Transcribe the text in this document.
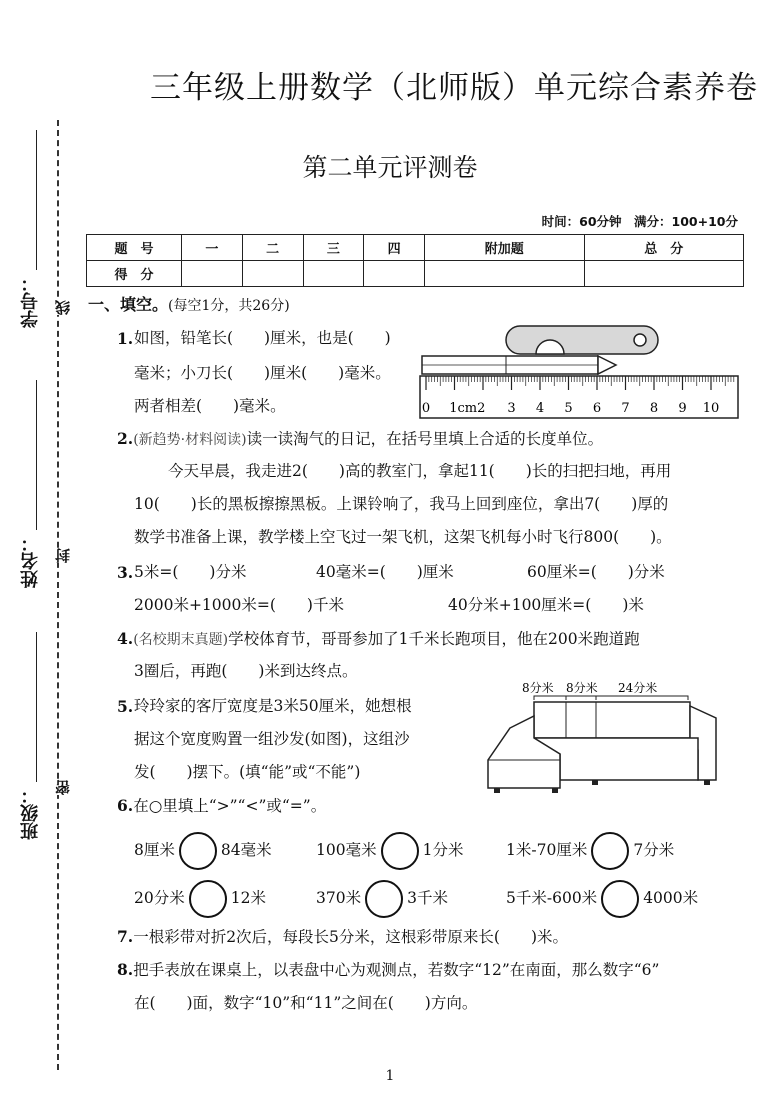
三年级上册数学（北师版）单元综合素养卷
第二单元评测卷
时间：60分钟　满分：100+10分
题　号	一	二	三	四	附加题	总　分
得　分						
学号： 线
姓名： 封
班级： 密
一、填空。(每空1分，共26分)
1. 如图，铅笔长(　　)厘米，也是(　　)
毫米；小刀长(　　)厘米(　　)毫米。
两者相差(　　)毫米。	0 1cm2 3 4 5 6 7 8 9 10
2.(新趋势·材料阅读)读一读淘气的日记，在括号里填上合适的长度单位。
今天早晨，我走进2(　　)高的教室门，拿起11(　　)长的扫把扫地，再用
10(　　)长的黑板擦擦黑板。上课铃响了，我马上回到座位，拿出7(　　)厚的
数学书准备上课，教学楼上空飞过一架飞机，这架飞机每小时飞行800(　　)。
3. 5米=(　　)分米	40毫米=(　　)厘米	60厘米=(　　)分米
2000米+1000米=(　　)千米	40分米+100厘米=(　　)米
4.(名校期末真题)学校体育节，哥哥参加了1千米长跑项目，他在200米跑道跑
3圈后，再跑(　　)米到达终点。
5. 玲玲家的客厅宽度是3米50厘米，她想根
据这个宽度购置一组沙发(如图)，这组沙
发(　　)摆下。(填“能”或“不能”)
8分米 8分米 24分米
6.在○里填上“>”“<”或“=”。
8厘米	84毫米	100毫米	1分米	1米-70厘米	7分米
20分米	12米	370米	3千米	5千米-600米	4000米
7.一根彩带对折2次后，每段长5分米，这根彩带原来长(　　)米。
8.把手表放在课桌上，以表盘中心为观测点，若数字“12”在南面，那么数字“6”
在(　　)面，数字“10”和“11”之间在(　　)方向。
1
